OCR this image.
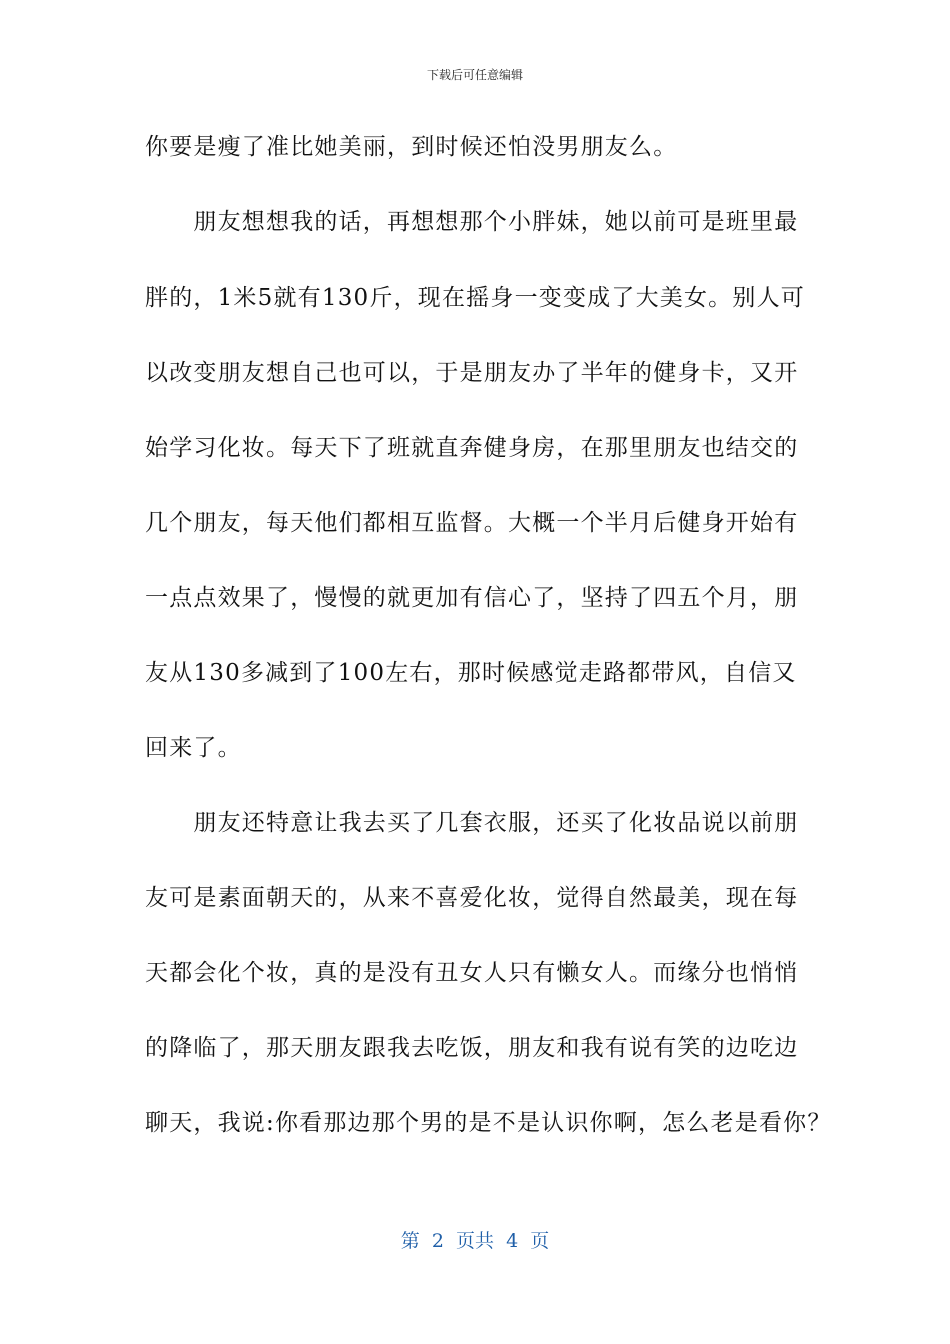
下载后可任意编辑
你要是瘦了准比她美丽，到时候还怕没男朋友么。
　　朋友想想我的话，再想想那个小胖妹，她以前可是班里最
胖的，1米5就有130斤，现在摇身一变变成了大美女。别人可
以改变朋友想自己也可以，于是朋友办了半年的健身卡，又开
始学习化妆。每天下了班就直奔健身房，在那里朋友也结交的
几个朋友，每天他们都相互监督。大概一个半月后健身开始有
一点点效果了，慢慢的就更加有信心了，坚持了四五个月，朋
友从130多减到了100左右，那时候感觉走路都带风，自信又
回来了。
　　朋友还特意让我去买了几套衣服，还买了化妆品说以前朋
友可是素面朝天的，从来不喜爱化妆，觉得自然最美，现在每
天都会化个妆，真的是没有丑女人只有懒女人。而缘分也悄悄
的降临了，那天朋友跟我去吃饭，朋友和我有说有笑的边吃边
聊天，我说:你看那边那个男的是不是认识你啊，怎么老是看你？
第  2  页共  4  页
